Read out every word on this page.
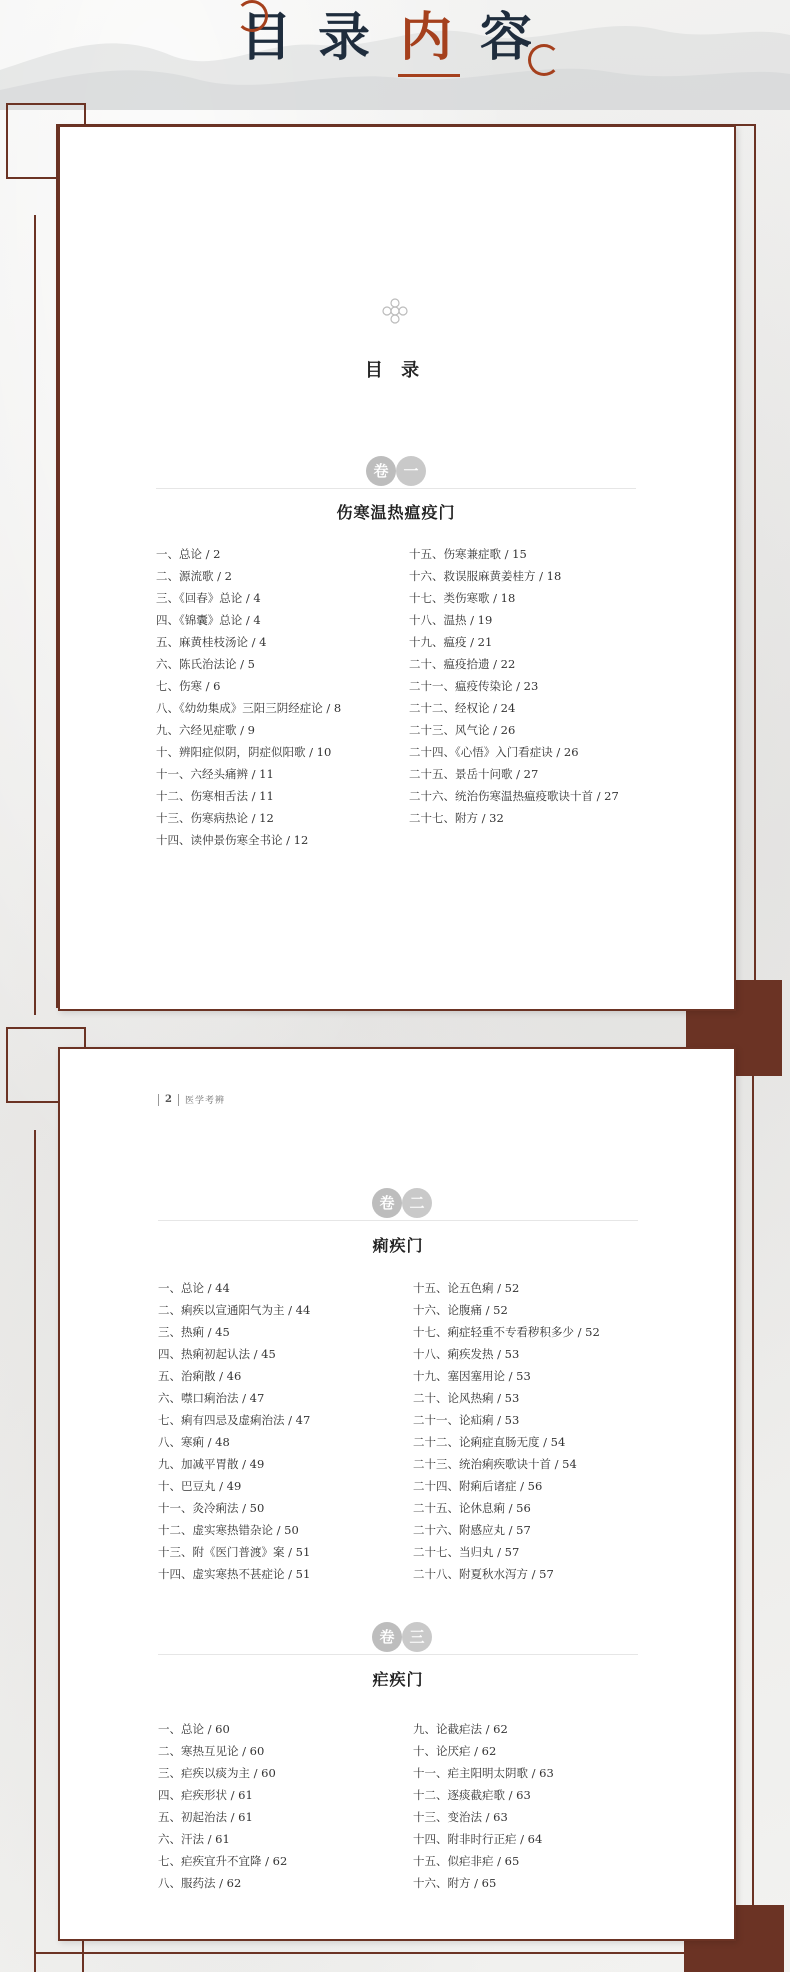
目 录 内 容
目 录
卷 一
伤寒温热瘟疫门
一、总论 / 2
二、源流歌 / 2
三、《回春》总论 / 4
四、《锦囊》总论 / 4
五、麻黄桂枝汤论 / 4
六、陈氏治法论 / 5
七、伤寒 / 6
八、《幼幼集成》三阳三阴经症论 / 8
九、六经见症歌 / 9
十、辨阳症似阴，阴症似阳歌 / 10
十一、六经头痛辨 / 11
十二、伤寒相舌法 / 11
十三、伤寒病热论 / 12
十四、读仲景伤寒全书论 / 12
十五、伤寒兼症歌 / 15
十六、救误服麻黄姜桂方 / 18
十七、类伤寒歌 / 18
十八、温热 / 19
十九、瘟疫 / 21
二十、瘟疫拾遗 / 22
二十一、瘟疫传染论 / 23
二十二、经权论 / 24
二十三、风气论 / 26
二十四、《心悟》入门看症诀 / 26
二十五、景岳十问歌 / 27
二十六、统治伤寒温热瘟疫歌诀十首 / 27
二十七、附方 / 32
2 医学考辨
卷 二
痢疾门
一、总论 / 44
二、痢疾以宣通阳气为主 / 44
三、热痢 / 45
四、热痢初起认法 / 45
五、治痢散 / 46
六、噤口痢治法 / 47
七、痢有四忌及虚痢治法 / 47
八、寒痢 / 48
九、加减平胃散 / 49
十、巴豆丸 / 49
十一、灸冷痢法 / 50
十二、虚实寒热错杂论 / 50
十三、附《医门普渡》案 / 51
十四、虚实寒热不甚症论 / 51
十五、论五色痢 / 52
十六、论腹痛 / 52
十七、痢症轻重不专看秽积多少 / 52
十八、痢疾发热 / 53
十九、塞因塞用论 / 53
二十、论风热痢 / 53
二十一、论疝痢 / 53
二十二、论痢症直肠无度 / 54
二十三、统治痢疾歌诀十首 / 54
二十四、附痢后诸症 / 56
二十五、论休息痢 / 56
二十六、附感应丸 / 57
二十七、当归丸 / 57
二十八、附夏秋水泻方 / 57
卷 三
疟疾门
一、总论 / 60
二、寒热互见论 / 60
三、疟疾以痰为主 / 60
四、疟疾形状 / 61
五、初起治法 / 61
六、汗法 / 61
七、疟疾宜升不宜降 / 62
八、服药法 / 62
九、论截疟法 / 62
十、论厌疟 / 62
十一、疟主阳明太阴歌 / 63
十二、逐痰截疟歌 / 63
十三、变治法 / 63
十四、附非时行正疟 / 64
十五、似疟非疟 / 65
十六、附方 / 65
